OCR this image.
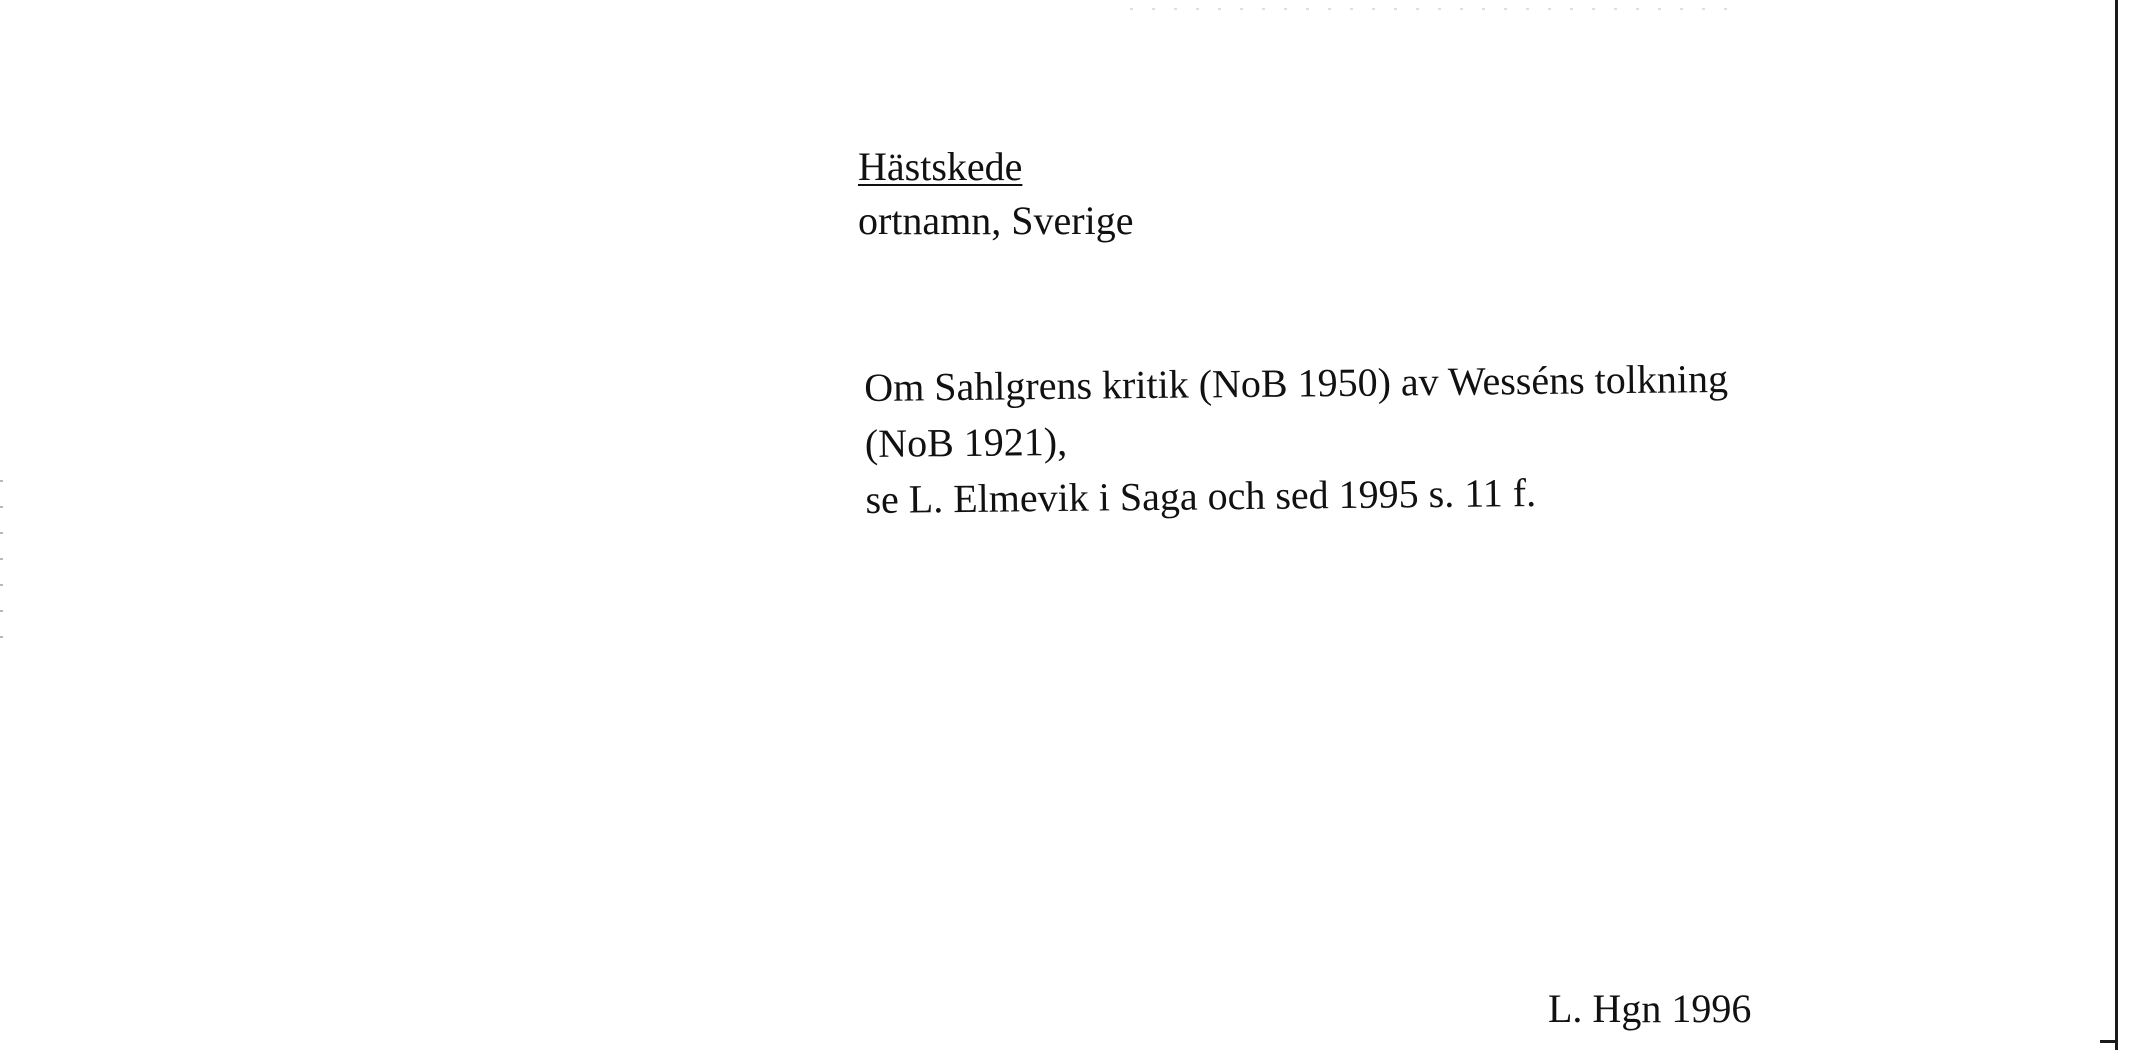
Hästskede
ortnamn, Sverige
Om Sahlgrens kritik (NoB 1950) av Wesséns tolkning
(NoB 1921),
se L. Elmevik i Saga och sed 1995 s. 11 f.
L. Hgn 1996
